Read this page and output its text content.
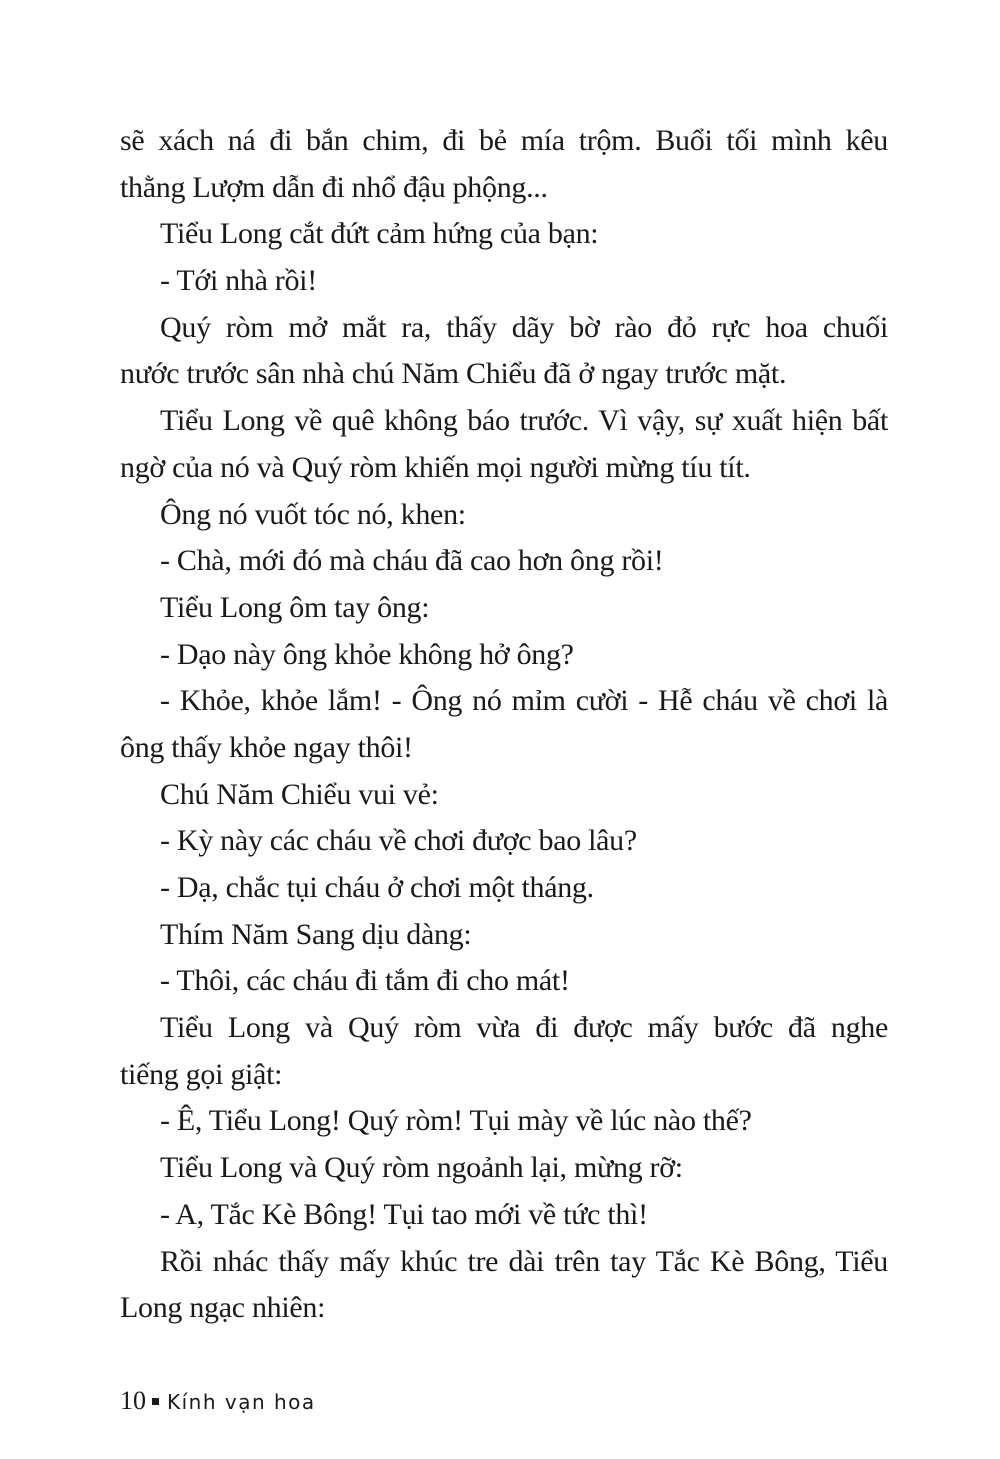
sẽ xách ná đi bắn chim, đi bẻ mía trộm. Buổi tối mình kêu
thằng Lượm dẫn đi nhổ đậu phộng...
Tiểu Long cắt đứt cảm hứng của bạn:
- Tới nhà rồi!
Quý ròm mở mắt ra, thấy dãy bờ rào đỏ rực hoa chuối
nước trước sân nhà chú Năm Chiểu đã ở ngay trước mặt.
Tiểu Long về quê không báo trước. Vì vậy, sự xuất hiện bất
ngờ của nó và Quý ròm khiến mọi người mừng tíu tít.
Ông nó vuốt tóc nó, khen:
- Chà, mới đó mà cháu đã cao hơn ông rồi!
Tiểu Long ôm tay ông:
- Dạo này ông khỏe không hở ông?
- Khỏe, khỏe lắm! - Ông nó mỉm cười - Hễ cháu về chơi là
ông thấy khỏe ngay thôi!
Chú Năm Chiểu vui vẻ:
- Kỳ này các cháu về chơi được bao lâu?
- Dạ, chắc tụi cháu ở chơi một tháng.
Thím Năm Sang dịu dàng:
- Thôi, các cháu đi tắm đi cho mát!
Tiểu Long và Quý ròm vừa đi được mấy bước đã nghe
tiếng gọi giật:
- Ê, Tiểu Long! Quý ròm! Tụi mày về lúc nào thế?
Tiểu Long và Quý ròm ngoảnh lại, mừng rỡ:
- A, Tắc Kè Bông! Tụi tao mới về tức thì!
Rồi nhác thấy mấy khúc tre dài trên tay Tắc Kè Bông, Tiểu
Long ngạc nhiên:
10 Kính vạn hoa
